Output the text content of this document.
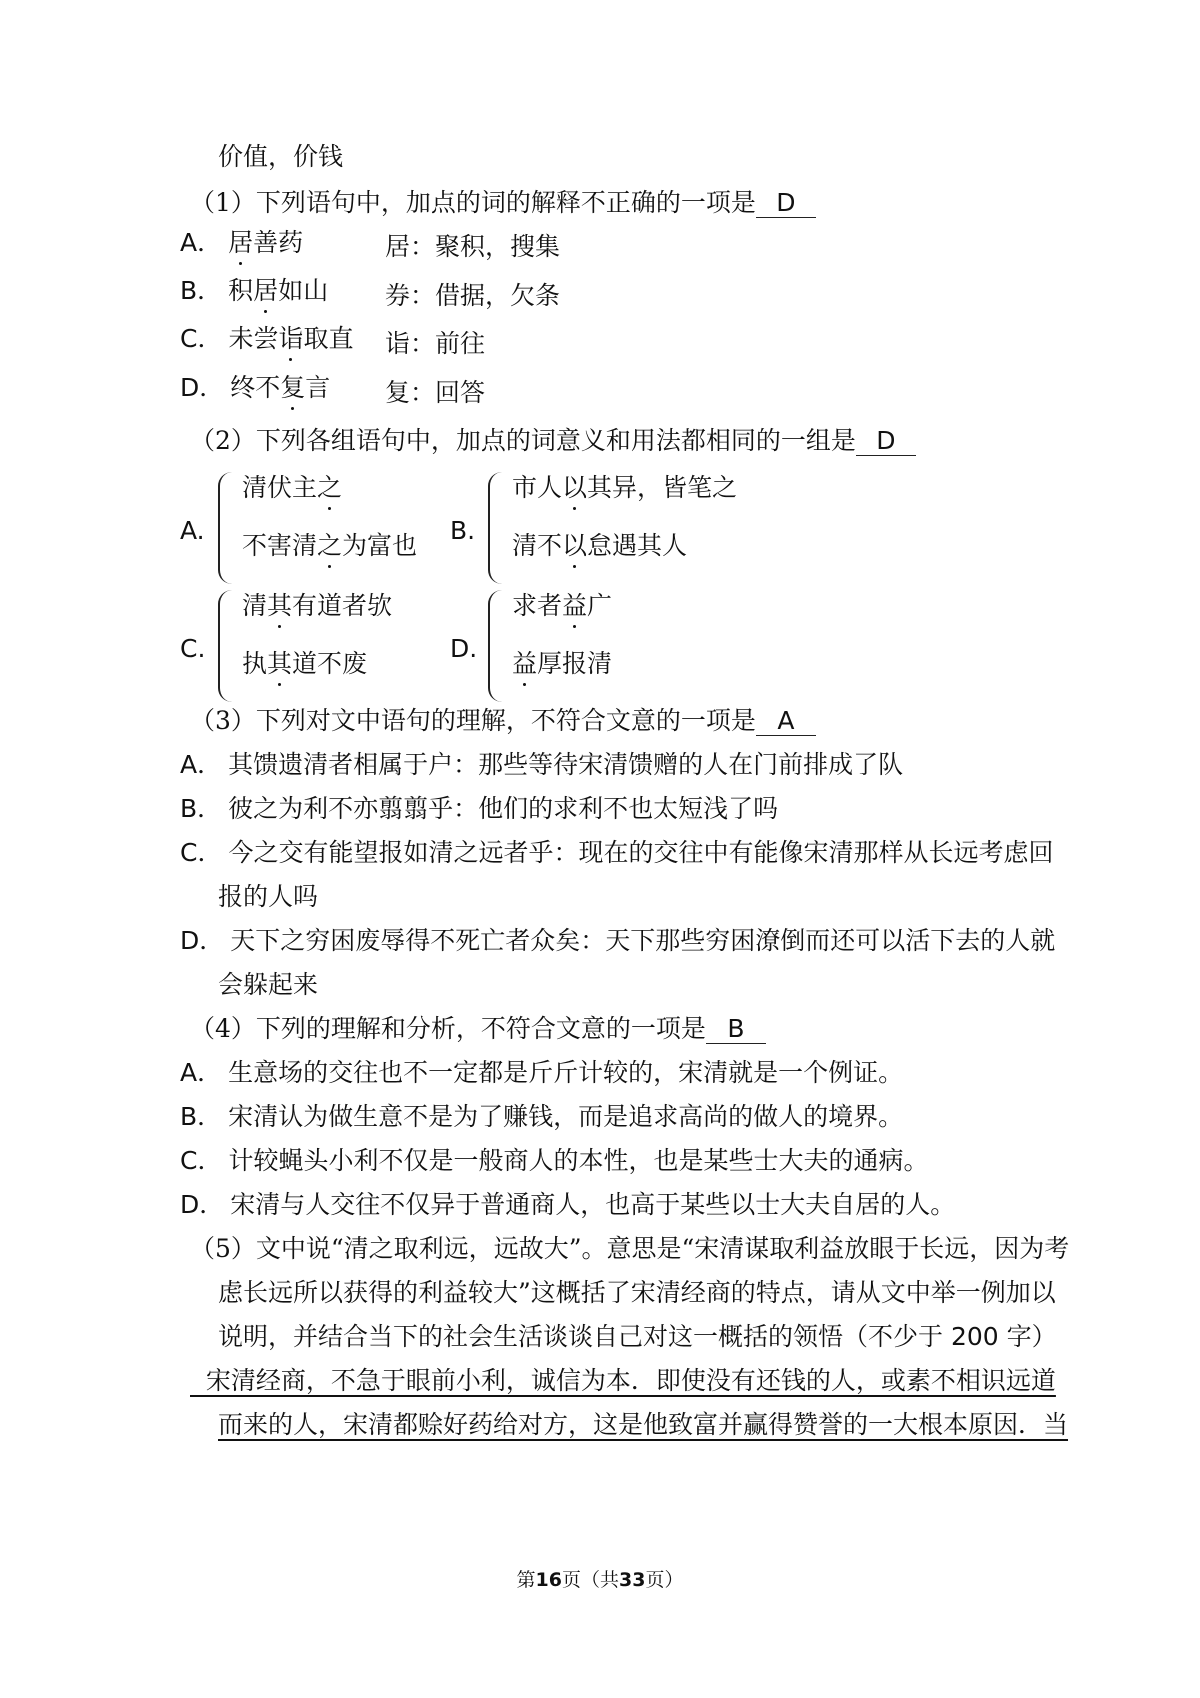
价值，价钱
（1）下列语句中，加点的词的解释不正确的一项是 D
A． 居善药	居：聚积，搜集
B． 积居如山 券：借据，欠条
C． 未尝诣取直 诣：前往
D． 终不复言 复：回答
（2）下列各组语句中，加点的词意义和用法都相同的一组是 D
A.
清伏主之
不害清之为富也
B.
市人以其异，皆笔之
清不以怠遇其人
C.
清其有道者欤
执其道不废
D.
求者益广
益厚报清
（3）下列对文中语句的理解，不符合文意的一项是 A
A． 其馈遗清者相属于户：那些等待宋清馈赠的人在门前排成了队
B． 彼之为利不亦翦翦乎：他们的求利不也太短浅了吗
C． 今之交有能望报如清之远者乎：现在的交往中有能像宋清那样从长远考虑回
报的人吗
D． 天下之穷困废辱得不死亡者众矣：天下那些穷困潦倒而还可以活下去的人就
会躲起来
（4）下列的理解和分析，不符合文意的一项是 B
A． 生意场的交往也不一定都是斤斤计较的，宋清就是一个例证。
B． 宋清认为做生意不是为了赚钱，而是追求高尚的做人的境界。
C． 计较蝇头小利不仅是一般商人的本性，也是某些士大夫的通病。
D． 宋清与人交往不仅异于普通商人，也高于某些以士大夫自居的人。
（5）文中说“清之取利远，远故大”。意思是“宋清谋取利益放眼于长远，因为考
虑长远所以获得的利益较大”这概括了宋清经商的特点，请从文中举一例加以
说明，并结合当下的社会生活谈谈自己对这一概括的领悟（不少于 200 字）
宋清经商，不急于眼前小利，诚信为本．即使没有还钱的人，或素不相识远道
而来的人，宋清都赊好药给对方，这是他致富并赢得赞誉的一大根本原因．当
第16页（共33页）
